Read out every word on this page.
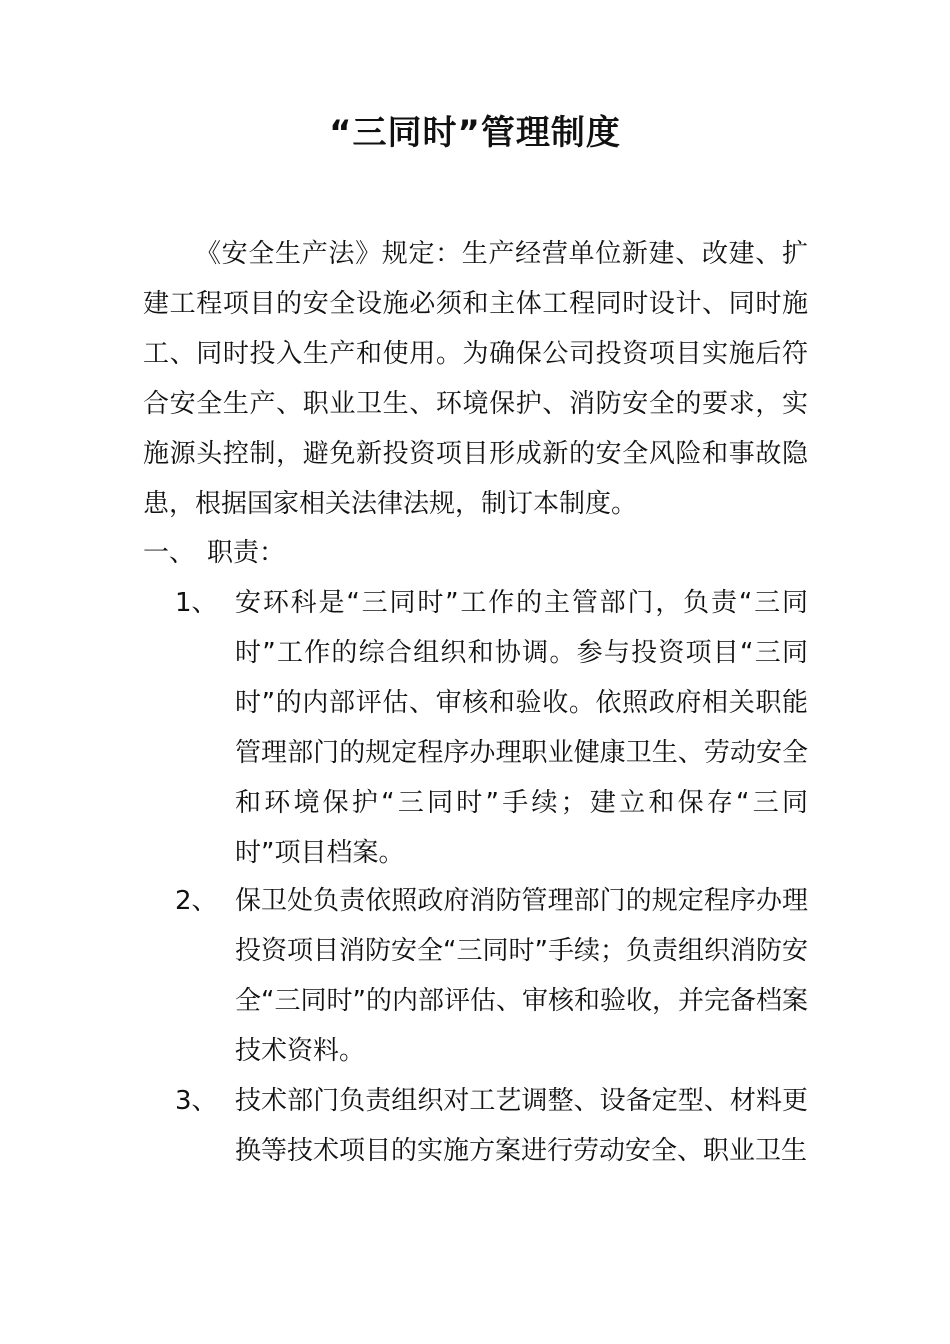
“三同时”管理制度

《安全生产法》规定：生产经营单位新建、改建、扩建工程项目的安全设施必须和主体工程同时设计、同时施工、同时投入生产和使用。为确保公司投资项目实施后符合安全生产、职业卫生、环境保护、消防安全的要求，实施源头控制，避免新投资项目形成新的安全风险和事故隐患，根据国家相关法律法规，制订本制度。

一、 职责：
1、 安环科是“三同时”工作的主管部门，负责“三同时”工作的综合组织和协调。参与投资项目“三同时”的内部评估、审核和验收。依照政府相关职能管理部门的规定程序办理职业健康卫生、劳动安全和环境保护“三同时”手续；建立和保存“三同时”项目档案。

2、 保卫处负责依照政府消防管理部门的规定程序办理投资项目消防安全“三同时”手续；负责组织消防安全“三同时”的内部评估、审核和验收，并完备档案技术资料。

3、 技术部门负责组织对工艺调整、设备定型、材料更换等技术项目的实施方案进行劳动安全、职业卫生
